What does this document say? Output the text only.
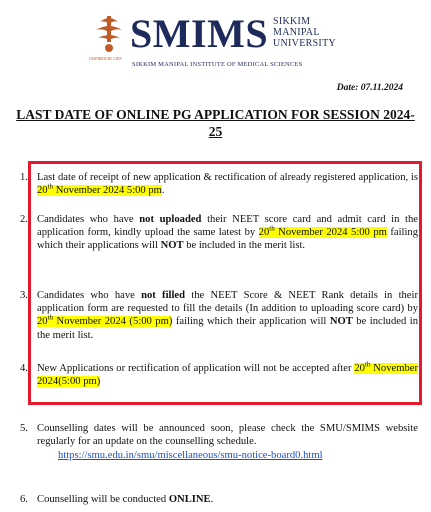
SMIMS SIKKIM
MANIPAL
UNIVERSITY
INSPIRED BY LIFE
SIKKIM MANIPAL INSTITUTE OF MEDICAL SCIENCES
Date: 07.11.2024
LAST DATE OF ONLINE PG APPLICATION FOR SESSION 2024-25
1. Last date of receipt of new application & rectification of already registered application, is 20th November 2024 5:00 pm.
2. Candidates who have not uploaded their NEET score card and admit card in the application form, kindly upload the same latest by 20th November 2024 5:00 pm failing which their applications will NOT be included in the merit list.
3. Candidates who have not filled the NEET Score & NEET Rank details in their application form are requested to fill the details (In addition to uploading score card) by 20th November 2024 (5:00 pm) failing which their application will NOT be included in the merit list.
4. New Applications or rectification of application will not be accepted after 20th November 2024(5:00 pm)
5. Counselling dates will be announced soon, please check the SMU/SMIMS website regularly for an update on the counselling schedule.
https://smu.edu.in/smu/miscellaneous/smu-notice-board0.html
6. Counselling will be conducted ONLINE.
